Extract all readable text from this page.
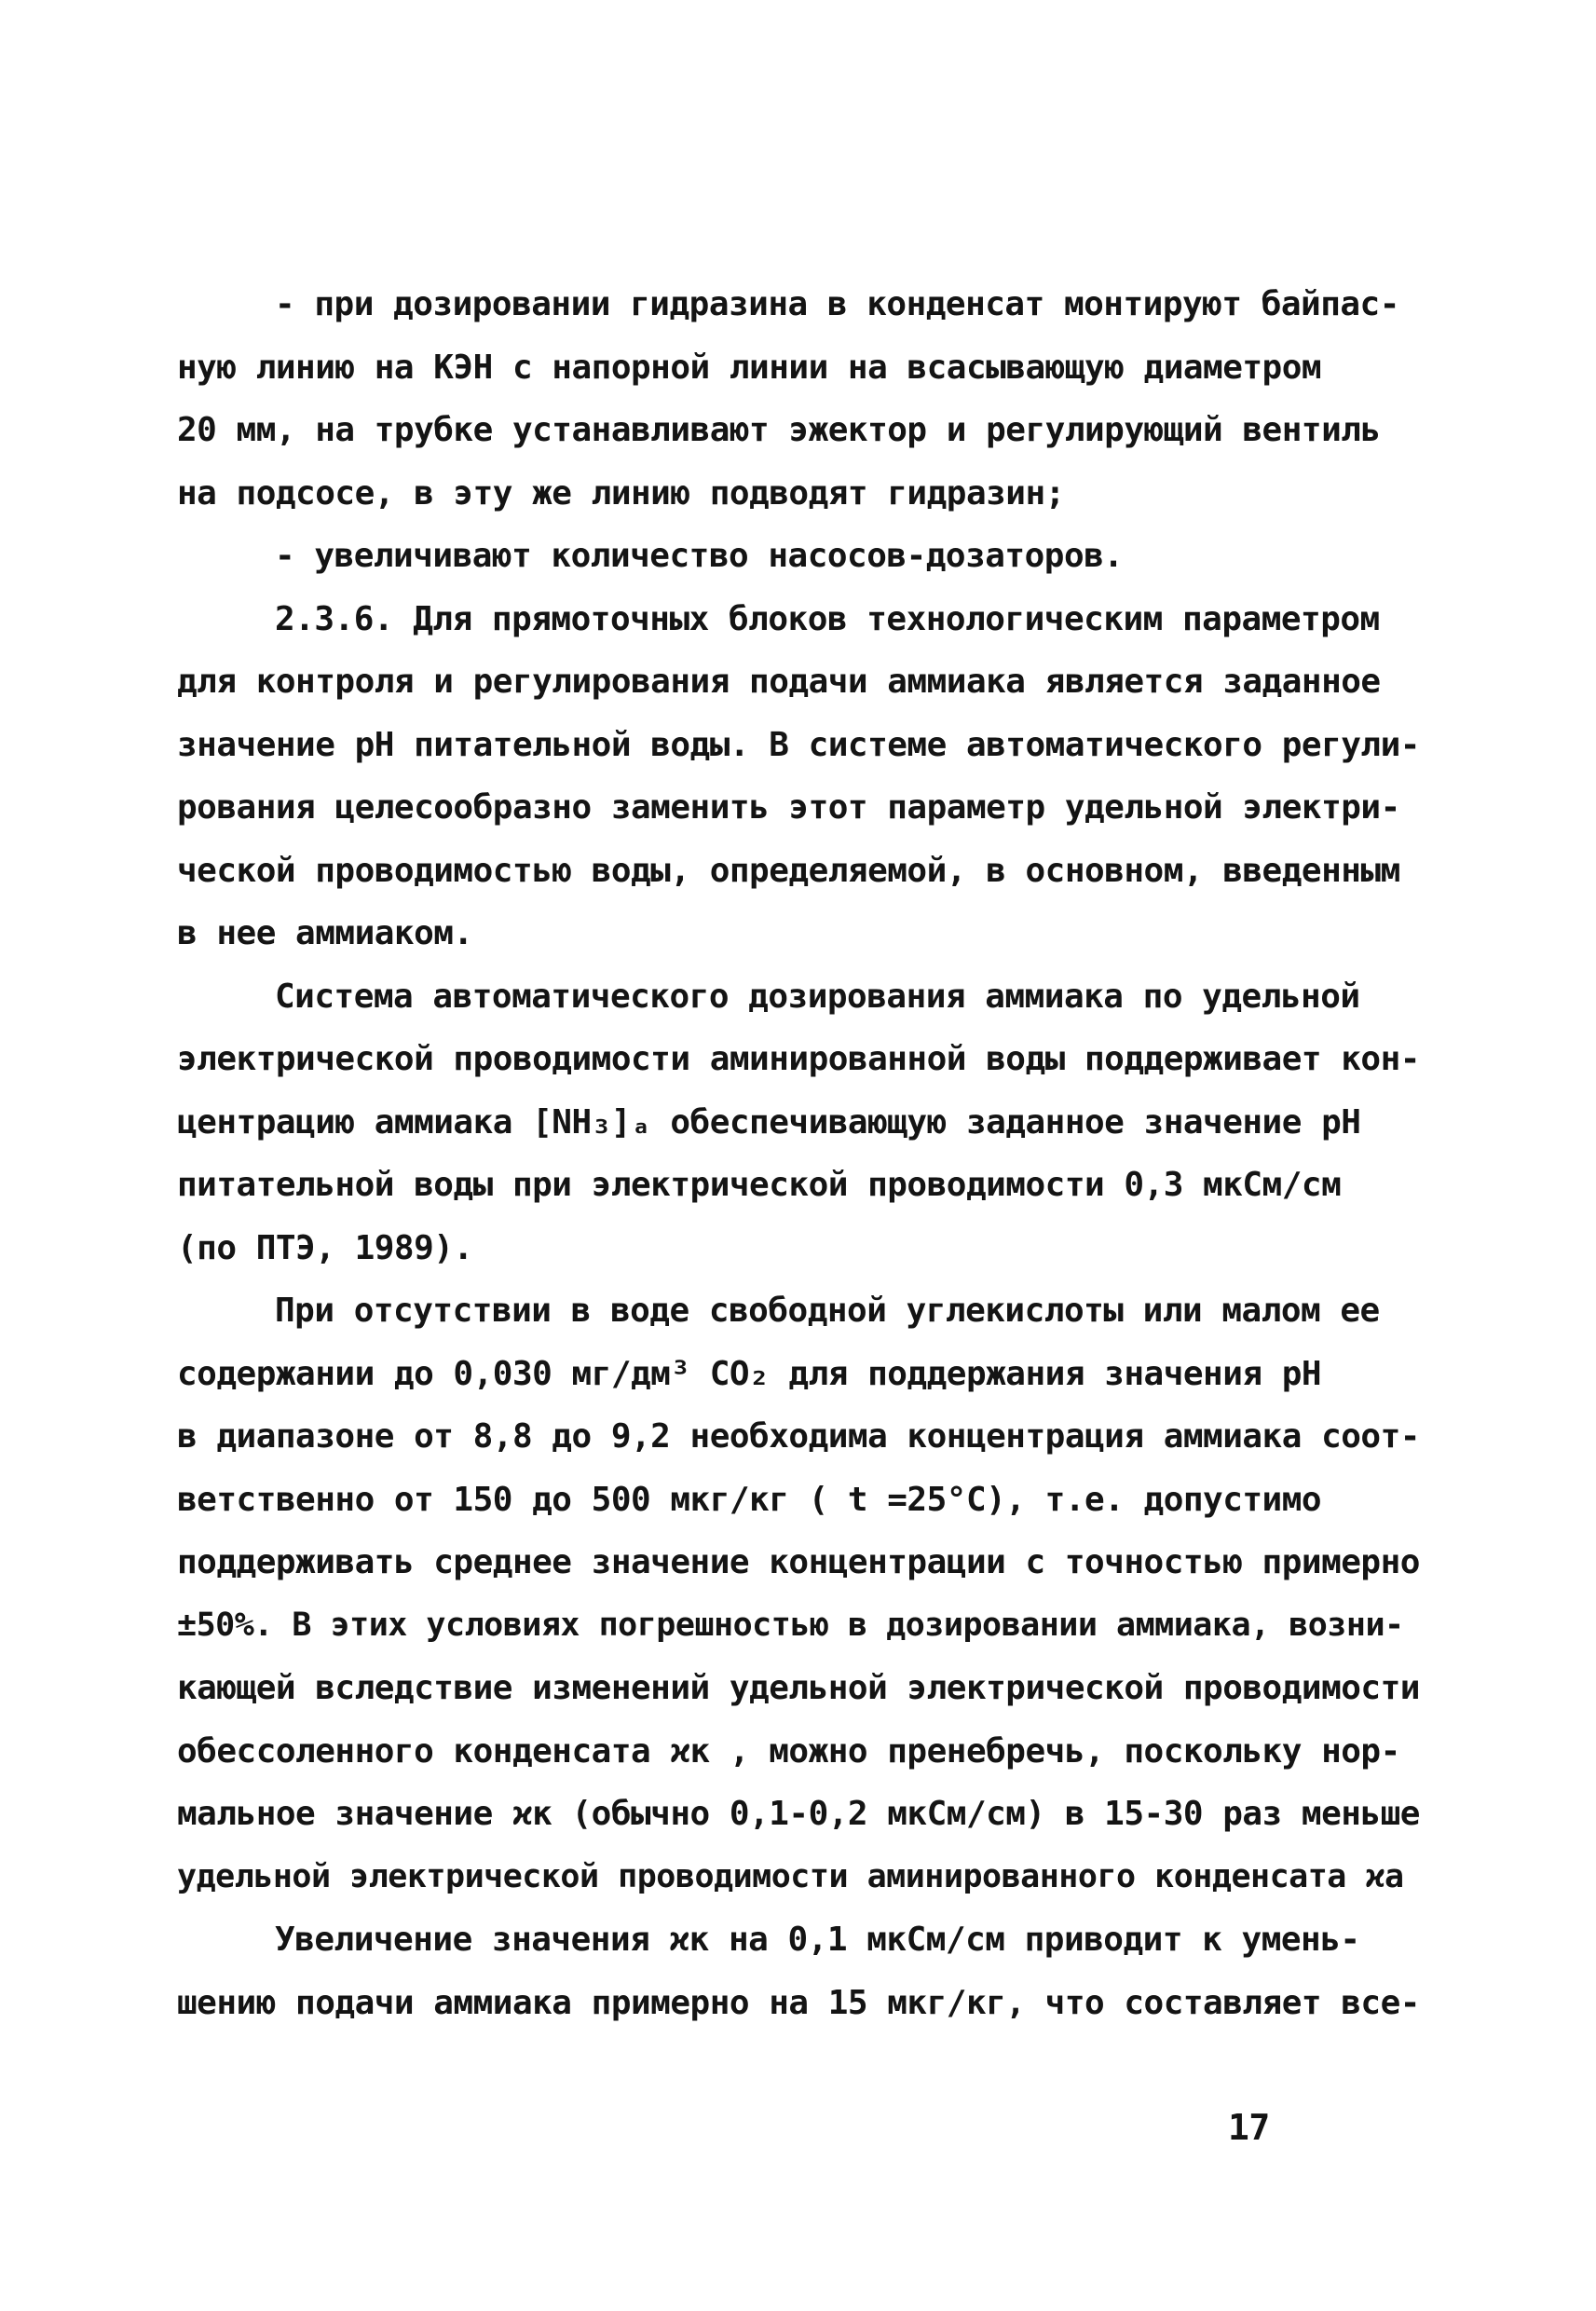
- при дозировании гидразина в конденсат монтируют байпас-
ную линию на КЭН с напорной линии на всасывающую диаметром
20 мм, на трубке устанавливают эжектор и регулирующий вентиль
на подсосе, в эту же линию подводят гидразин;
- увеличивают количество насосов-дозаторов.
2.3.6. Для прямоточных блоков технологическим параметром
для контроля и регулирования подачи аммиака является заданное
значение рН питательной воды. В системе автоматического регули-
рования целесообразно заменить этот параметр удельной электри-
ческой проводимостью воды, определяемой, в основном, введенным
в нее аммиаком.
Система автоматического дозирования аммиака по удельной
электрической проводимости аминированной воды поддерживает кон-
центрацию аммиака [NH₃]ₐ обеспечивающую заданное значение рН
питательной воды при электрической проводимости 0,3 мкСм/см
(по ПТЭ, 1989).
При отсутствии в воде свободной углекислоты или малом ее
содержании до 0,030 мг/дм³ CO₂ для поддержания значения рН
в диапазоне от 8,8 до 9,2 необходима концентрация аммиака соот-
ветственно от 150 до 500 мкг/кг ( t =25°C), т.е. допустимо
поддерживать среднее значение концентрации с точностью примерно
±50%. В этих условиях погрешностью в дозировании аммиака, возни-
кающей вследствие изменений удельной электрической проводимости
обессоленного конденсата ϰк , можно пренебречь, поскольку нор-
мальное значение ϰк (обычно 0,1-0,2 мкСм/см) в 15-30 раз меньше
удельной электрической проводимости аминированного конденсата ϰа
Увеличение значения ϰк на 0,1 мкСм/см приводит к умень-
шению подачи аммиака примерно на 15 мкг/кг, что составляет все-
17
